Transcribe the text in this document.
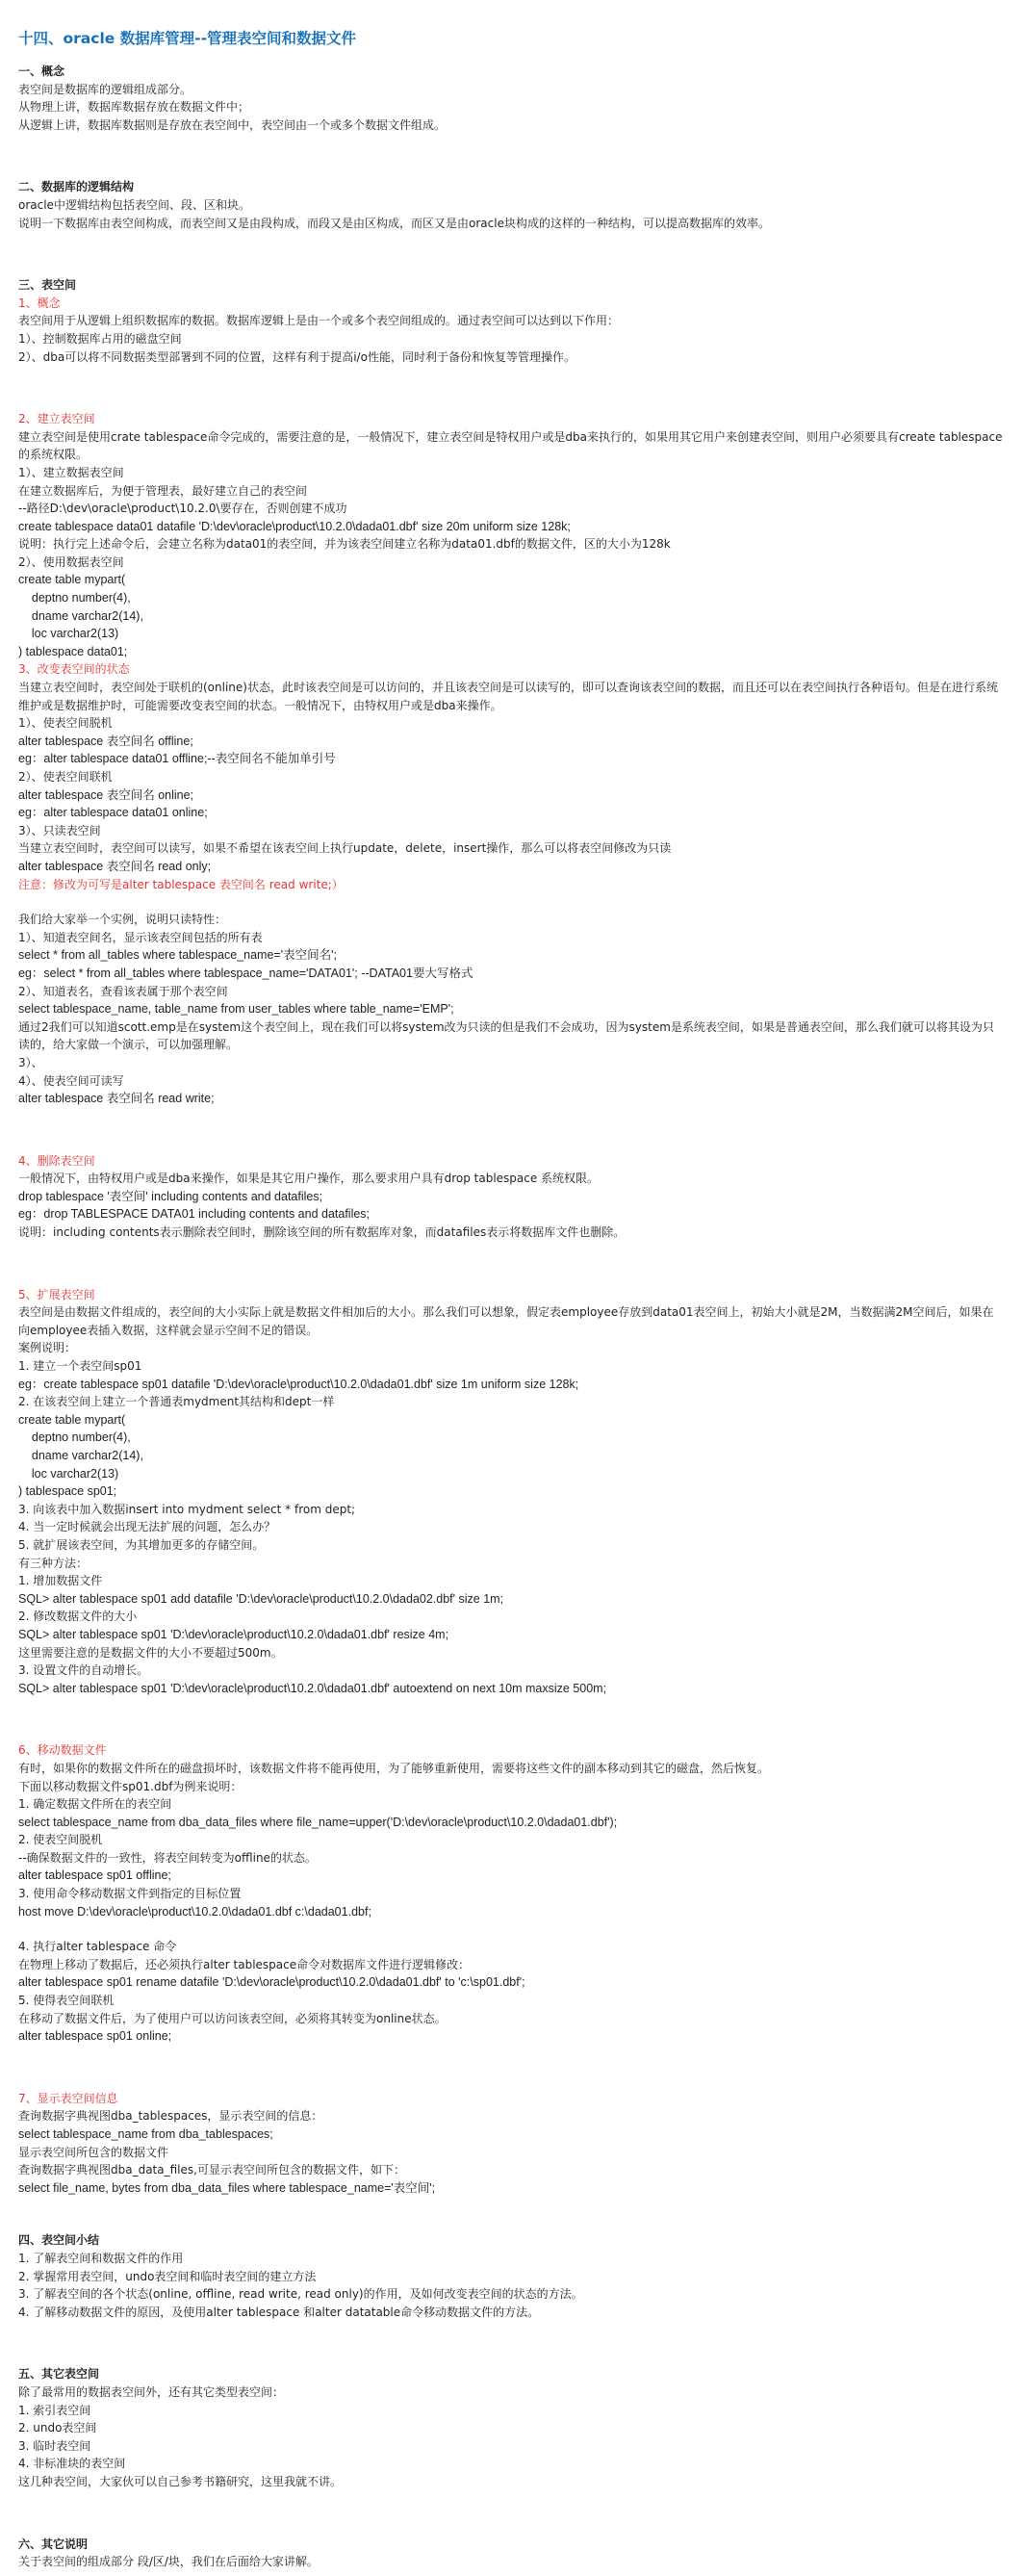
十四、oracle 数据库管理--管理表空间和数据文件
一、概念
表空间是数据库的逻辑组成部分。
从物理上讲，数据库数据存放在数据文件中；
从逻辑上讲，数据库数据则是存放在表空间中，表空间由一个或多个数据文件组成。
二、数据库的逻辑结构
oracle中逻辑结构包括表空间、段、区和块。
说明一下数据库由表空间构成，而表空间又是由段构成，而段又是由区构成，而区又是由oracle块构成的这样的一种结构，可以提高数据库的效率。
三、表空间
1、概念
表空间用于从逻辑上组织数据库的数据。数据库逻辑上是由一个或多个表空间组成的。通过表空间可以达到以下作用：
1）、控制数据库占用的磁盘空间
2）、dba可以将不同数据类型部署到不同的位置，这样有利于提高i/o性能，同时利于备份和恢复等管理操作。
2、建立表空间
建立表空间是使用crate tablespace命令完成的，需要注意的是，一般情况下，建立表空间是特权用户或是dba来执行的，如果用其它用户来创建表空间，则用户必须要具有create tablespace的系统权限。
1）、建立数据表空间
在建立数据库后，为便于管理表，最好建立自己的表空间
--路径D:\dev\oracle\product\10.2.0\要存在，否则创建不成功
create tablespace data01 datafile 'D:\dev\oracle\product\10.2.0\dada01.dbf' size 20m uniform size 128k;
说明：执行完上述命令后，会建立名称为data01的表空间，并为该表空间建立名称为data01.dbf的数据文件，区的大小为128k
2）、使用数据表空间
create table mypart(
deptno number(4),
dname varchar2(14),
loc varchar2(13)
) tablespace data01;
3、改变表空间的状态
当建立表空间时，表空间处于联机的(online)状态，此时该表空间是可以访问的，并且该表空间是可以读写的，即可以查询该表空间的数据，而且还可以在表空间执行各种语句。但是在进行系统维护或是数据维护时，可能需要改变表空间的状态。一般情况下，由特权用户或是dba来操作。
1）、使表空间脱机
alter tablespace 表空间名 offline;
eg：alter tablespace data01 offline;--表空间名不能加单引号
2）、使表空间联机
alter tablespace 表空间名 online;
eg：alter tablespace data01 online;
3）、只读表空间
当建立表空间时，表空间可以读写，如果不希望在该表空间上执行update，delete，insert操作，那么可以将表空间修改为只读
alter tablespace 表空间名 read only;
注意：修改为可写是alter tablespace 表空间名 read write;）
我们给大家举一个实例，说明只读特性：
1）、知道表空间名，显示该表空间包括的所有表
select * from all_tables where tablespace_name='表空间名';
eg：select * from all_tables where tablespace_name='DATA01'; --DATA01要大写格式
2）、知道表名，查看该表属于那个表空间
select tablespace_name, table_name from user_tables where table_name='EMP';
通过2我们可以知道scott.emp是在system这个表空间上，现在我们可以将system改为只读的但是我们不会成功，因为system是系统表空间，如果是普通表空间，那么我们就可以将其设为只读的，给大家做一个演示，可以加强理解。
3）、
4）、使表空间可读写
alter tablespace 表空间名 read write;
4、删除表空间
一般情况下，由特权用户或是dba来操作，如果是其它用户操作，那么要求用户具有drop tablespace 系统权限。
drop tablespace '表空间' including contents and datafiles;
eg：drop TABLESPACE DATA01 including contents and datafiles;
说明：including contents表示删除表空间时，删除该空间的所有数据库对象，而datafiles表示将数据库文件也删除。
5、扩展表空间
表空间是由数据文件组成的，表空间的大小实际上就是数据文件相加后的大小。那么我们可以想象，假定表employee存放到data01表空间上，初始大小就是2M，当数据满2M空间后，如果在向employee表插入数据，这样就会显示空间不足的错误。
案例说明：
1. 建立一个表空间sp01
eg：create tablespace sp01 datafile 'D:\dev\oracle\product\10.2.0\dada01.dbf' size 1m uniform size 128k;
2. 在该表空间上建立一个普通表mydment其结构和dept一样
create table mypart(
deptno number(4),
dname varchar2(14),
loc varchar2(13)
) tablespace sp01;
3. 向该表中加入数据insert into mydment select * from dept;
4. 当一定时候就会出现无法扩展的问题，怎么办？
5. 就扩展该表空间，为其增加更多的存储空间。
有三种方法：
1. 增加数据文件
SQL> alter tablespace sp01 add datafile 'D:\dev\oracle\product\10.2.0\dada02.dbf' size 1m;
2. 修改数据文件的大小
SQL> alter tablespace sp01 'D:\dev\oracle\product\10.2.0\dada01.dbf' resize 4m;
这里需要注意的是数据文件的大小不要超过500m。
3. 设置文件的自动增长。
SQL> alter tablespace sp01 'D:\dev\oracle\product\10.2.0\dada01.dbf' autoextend on next 10m maxsize 500m;
6、移动数据文件
有时，如果你的数据文件所在的磁盘损坏时，该数据文件将不能再使用，为了能够重新使用，需要将这些文件的副本移动到其它的磁盘，然后恢复。
下面以移动数据文件sp01.dbf为例来说明：
1. 确定数据文件所在的表空间
select tablespace_name from dba_data_files where file_name=upper('D:\dev\oracle\product\10.2.0\dada01.dbf');
2. 使表空间脱机
--确保数据文件的一致性，将表空间转变为offline的状态。
alter tablespace sp01 offline;
3. 使用命令移动数据文件到指定的目标位置
host move D:\dev\oracle\product\10.2.0\dada01.dbf c:\dada01.dbf;
4. 执行alter tablespace 命令
在物理上移动了数据后，还必须执行alter tablespace命令对数据库文件进行逻辑修改：
alter tablespace sp01 rename datafile 'D:\dev\oracle\product\10.2.0\dada01.dbf' to 'c:\sp01.dbf';
5. 使得表空间联机
在移动了数据文件后，为了使用户可以访问该表空间，必须将其转变为online状态。
alter tablespace sp01 online;
7、显示表空间信息
查询数据字典视图dba_tablespaces，显示表空间的信息：
select tablespace_name from dba_tablespaces;
显示表空间所包含的数据文件
查询数据字典视图dba_data_files,可显示表空间所包含的数据文件，如下：
select file_name, bytes from dba_data_files where tablespace_name='表空间';
四、表空间小结
1. 了解表空间和数据文件的作用
2. 掌握常用表空间，undo表空间和临时表空间的建立方法
3. 了解表空间的各个状态(online, offline, read write, read only)的作用，及如何改变表空间的状态的方法。
4. 了解移动数据文件的原因，及使用alter tablespace 和alter datatable命令移动数据文件的方法。
五、其它表空间
除了最常用的数据表空间外，还有其它类型表空间：
1. 索引表空间
2. undo表空间
3. 临时表空间
4. 非标准块的表空间
这几种表空间，大家伙可以自己参考书籍研究，这里我就不讲。
六、其它说明
关于表空间的组成部分 段/区/块，我们在后面给大家讲解。
